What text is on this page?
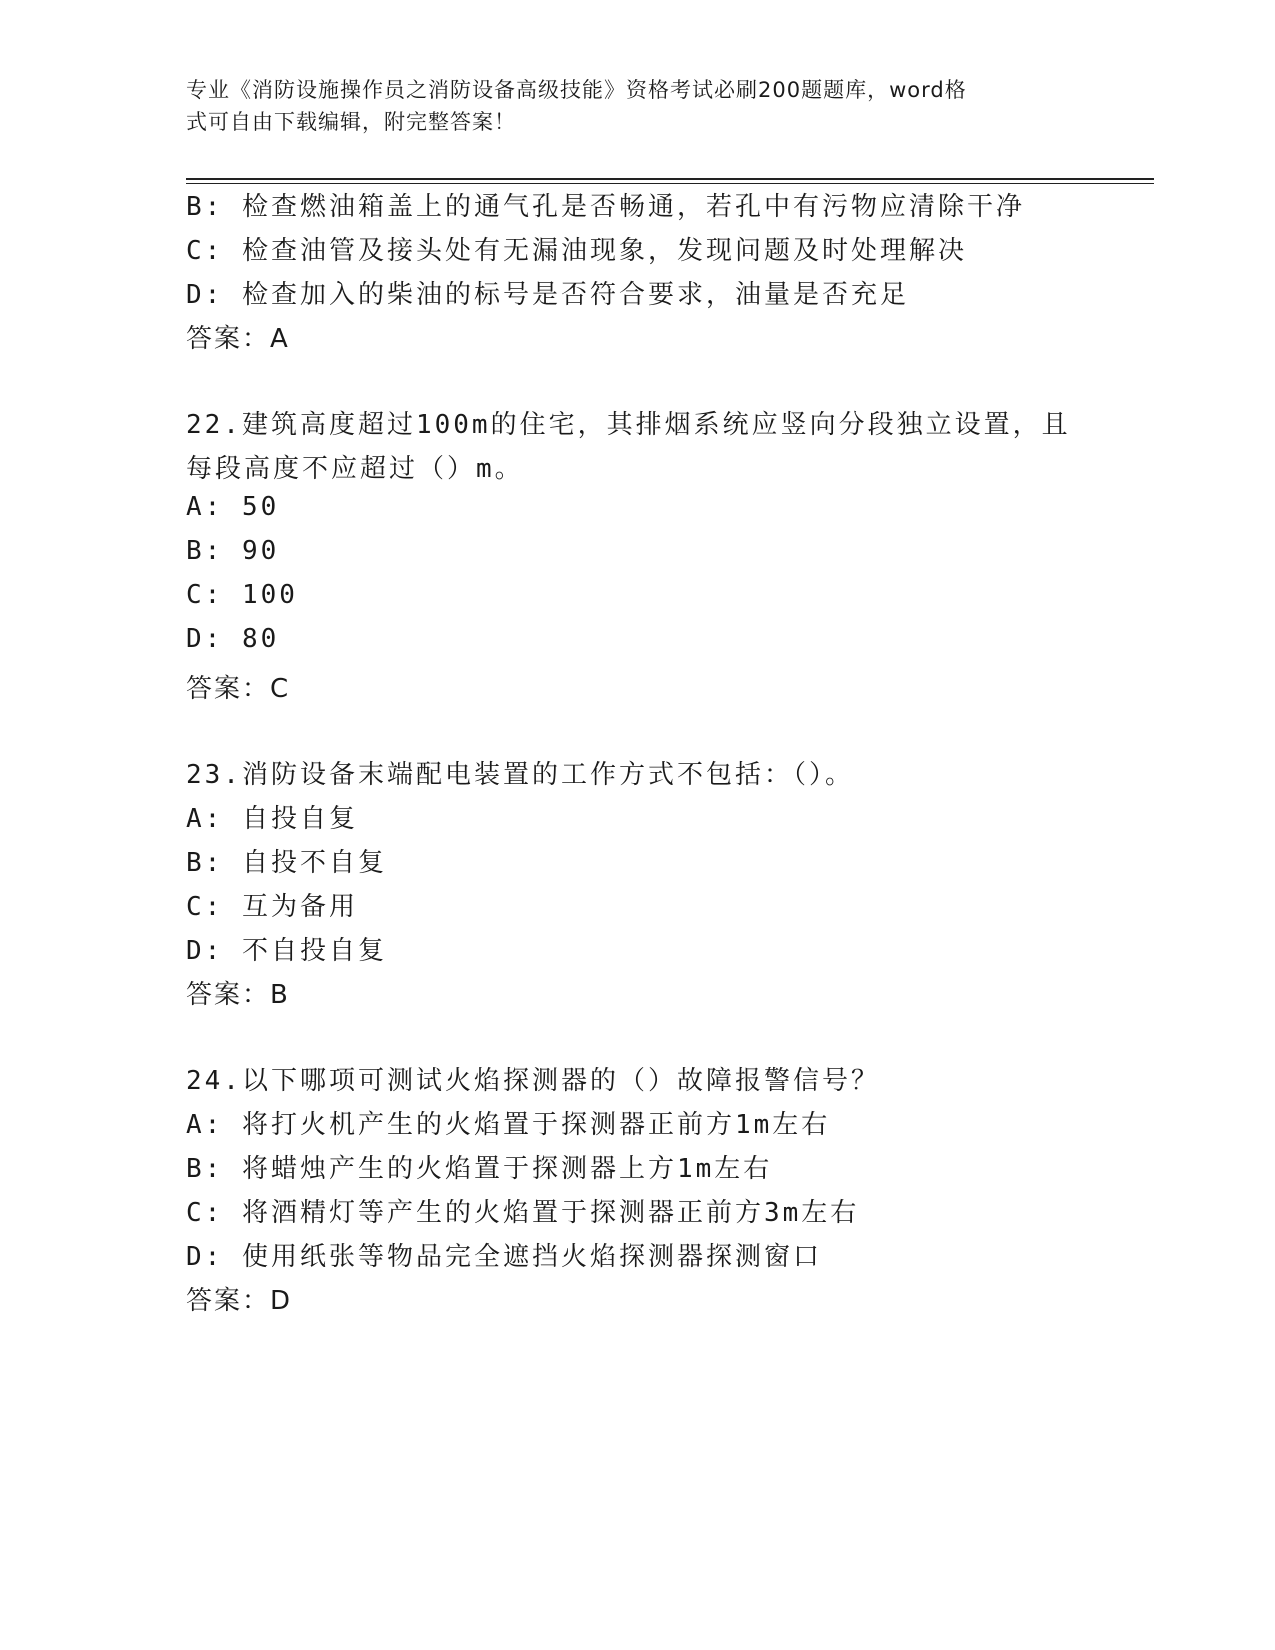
专业《消防设施操作员之消防设备高级技能》资格考试必刷200题题库，word格
式可自由下载编辑，附完整答案！
B: 检查燃油箱盖上的通气孔是否畅通，若孔中有污物应清除干净
C: 检查油管及接头处有无漏油现象，发现问题及时处理解决
D: 检查加入的柴油的标号是否符合要求，油量是否充足
答案：A
22.建筑高度超过100m的住宅，其排烟系统应竖向分段独立设置，且
每段高度不应超过（）m。
A: 50
B: 90
C: 100
D: 80
答案：C
23.消防设备末端配电装置的工作方式不包括：（）。
A: 自投自复
B: 自投不自复
C: 互为备用
D: 不自投自复
答案：B
24.以下哪项可测试火焰探测器的（）故障报警信号？
A: 将打火机产生的火焰置于探测器正前方1m左右
B: 将蜡烛产生的火焰置于探测器上方1m左右
C: 将酒精灯等产生的火焰置于探测器正前方3m左右
D: 使用纸张等物品完全遮挡火焰探测器探测窗口
答案：D
